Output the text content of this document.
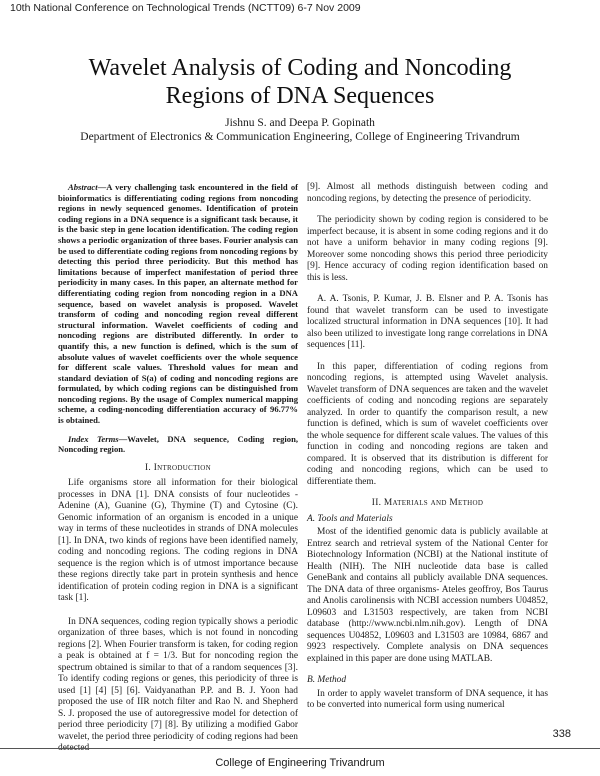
10th National Conference on Technological Trends (NCTT09) 6-7 Nov 2009
Wavelet Analysis of Coding and Noncoding
Regions of DNA Sequences
Jishnu S. and Deepa P. Gopinath
Department of Electronics & Communication Engineering, College of Engineering Trivandrum

Abstract—A very challenging task encountered in the field of bioinformatics is differentiating coding regions from noncoding regions in newly sequenced genomes. Identification of protein coding regions in a DNA sequence is a significant task because, it is the basic step in gene location identification. The coding region shows a periodic organization of three bases. Fourier analysis can be used to differentiate coding regions from noncoding regions by detecting this period three periodicity. But this method has limitations because of imperfect manifestation of period three periodicity in many cases. In this paper, an alternate method for differentiating coding region from noncoding region in a DNA sequence, based on wavelet analysis is proposed. Wavelet transform of coding and noncoding region reveal different structural information. Wavelet coefficients of coding and noncoding regions are distributed differently. In order to quantify this, a new function is defined, which is the sum of absolute values of wavelet coefficients over the whole sequence for different scale values. Threshold values for mean and standard deviation of S(a) of coding and noncoding regions are formulated, by which coding regions can be distinguished from noncoding regions. By the usage of Complex numerical mapping scheme, a coding-noncoding differentiation accuracy of 96.77% is obtained.

Index Terms—Wavelet, DNA sequence, Coding region, Noncoding region.

I. Introduction

Life organisms store all information for their biological processes in DNA [1]. DNA consists of four nucleotides - Adenine (A), Guanine (G), Thymine (T) and Cytosine (C). Genomic information of an organism is encoded in a unique way in terms of these nucleotides in strands of DNA molecules [1]. In DNA, two kinds of regions have been identified namely, coding and noncoding regions. The coding regions in DNA sequence is the region which is of utmost importance because these regions directly take part in protein synthesis and hence identification of protein coding region in DNA is a significant task [1].

In DNA sequences, coding region typically shows a periodic organization of three bases, which is not found in noncoding regions [2]. When Fourier transform is taken, for coding region a peak is obtained at f = 1/3. But for noncoding region the spectrum obtained is similar to that of a random sequences [3]. To identify coding regions or genes, this periodicity of three is used [1] [4] [5] [6]. Vaidyanathan P.P. and B. J. Yoon had proposed the use of IIR notch filter and Rao N. and Shepherd S. J. proposed the use of autoregressive model for detection of period three periodicity [7] [8]. By utilizing a modified Gabor wavelet, the period three periodicity of coding regions had been

[9]. Almost all methods distinguish between coding and noncoding regions, by detecting the presence of periodicity.

The periodicity shown by coding region is considered to be imperfect because, it is absent in some coding regions and it do not have a uniform behavior in many coding regions [9]. Moreover some noncoding shows this period three periodicity [9]. Hence accuracy of coding region identification based on this is less.

A. A. Tsonis, P. Kumar, J. B. Elsner and P. A. Tsonis has found that wavelet transform can be used to investigate localized structural information in DNA sequences [10]. It had also been utilized to investigate long range correlations in DNA sequences [11].

In this paper, differentiation of coding regions from noncoding regions, is attempted using Wavelet analysis. Wavelet transform of DNA sequences are taken and the wavelet coefficients of coding and noncoding regions are separately analyzed. In order to quantify the comparison result, a new function is defined, which is sum of wavelet coefficients over the whole sequence for different scale values. The values of this function in coding and noncoding regions are taken and compared. It is observed that its distribution is different for coding and noncoding regions, which can be used to differentiate them.

II. Materials and Method
A. Tools and Materials

Most of the identified genomic data is publicly available at Entrez search and retrieval system of the National Center for Biotechnology Information (NCBI) at the National institute of Health (NIH). The NIH nucleotide data base is called GeneBank and contains all publicly available DNA sequences. The DNA data of three organisms- Ateles geoffroy, Bos Taurus and Anolis carolinensis with NCBI accession numbers U04852, L09603 and L31503 respectively, are taken from NCBI database (http://www.ncbi.nlm.nih.gov). Length of DNA sequences U04852, L09603 and L31503 are 10984, 6867 and 9923 respectively. Complete analysis on DNA sequences explained in this paper are done using MATLAB.

B. Method

In order to apply wavelet transform of DNA sequence, it has to be converted into numerical form using numerical

338
College of Engineering Trivandrum
